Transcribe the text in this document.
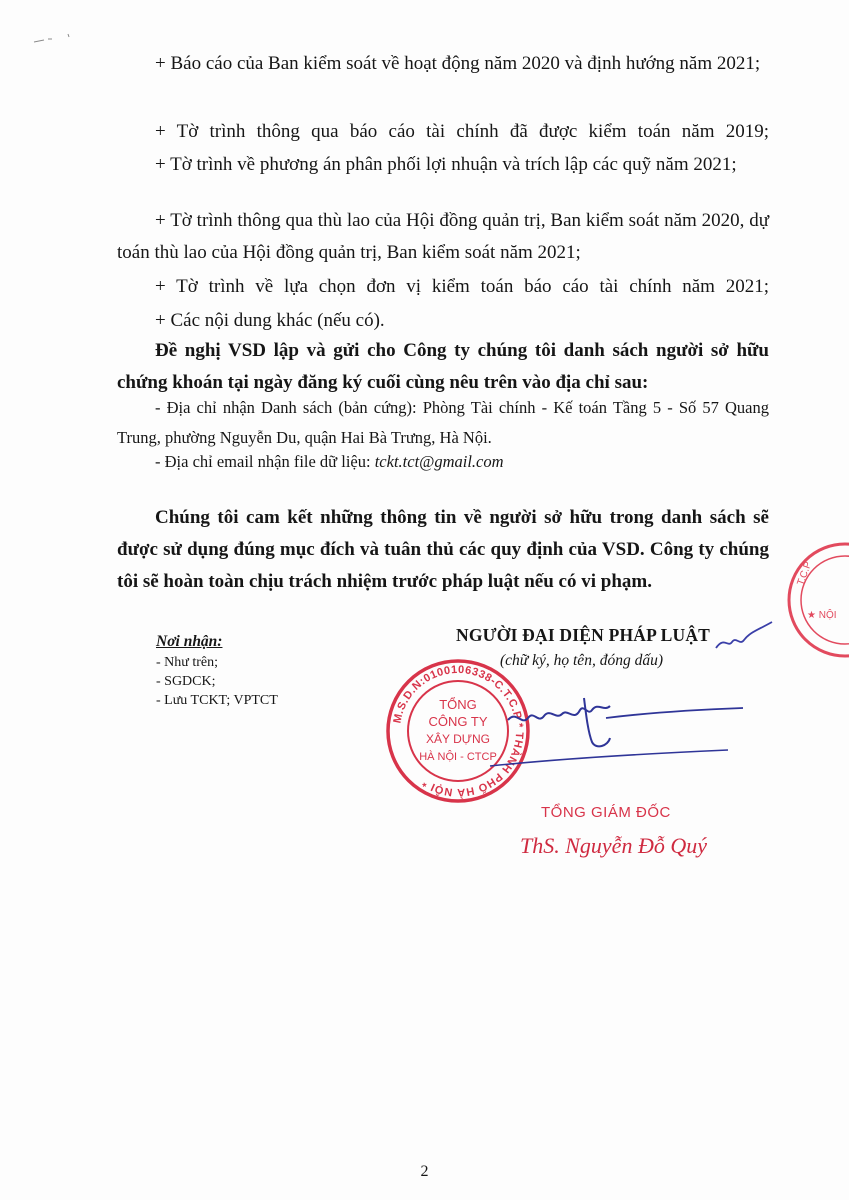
+ Báo cáo của Ban kiểm soát về hoạt động năm 2020 và định hướng năm 2021;
+ Tờ trình thông qua báo cáo tài chính đã được kiểm toán năm 2019;
+ Tờ trình về phương án phân phối lợi nhuận và trích lập các quỹ năm 2021;
+ Tờ trình thông qua thù lao của Hội đồng quản trị, Ban kiểm soát năm 2020, dự toán thù lao của Hội đồng quản trị, Ban kiểm soát năm 2021;
+ Tờ trình về lựa chọn đơn vị kiểm toán báo cáo tài chính năm 2021;
+ Các nội dung khác (nếu có).
Đề nghị VSD lập và gửi cho Công ty chúng tôi danh sách người sở hữu chứng khoán tại ngày đăng ký cuối cùng nêu trên vào địa chỉ sau:
- Địa chỉ nhận Danh sách (bản cứng): Phòng Tài chính - Kế toán Tầng 5 - Số 57 Quang Trung, phường Nguyễn Du, quận Hai Bà Trưng, Hà Nội.
- Địa chỉ email nhận file dữ liệu: tckt.tct@gmail.com
Chúng tôi cam kết những thông tin về người sở hữu trong danh sách sẽ được sử dụng đúng mục đích và tuân thủ các quy định của VSD. Công ty chúng tôi sẽ hoàn toàn chịu trách nhiệm trước pháp luật nếu có vi phạm.
Nơi nhận:
- Như trên;
- SGDCK;
- Lưu TCKT; VPTCT
NGƯỜI ĐẠI DIỆN PHÁP LUẬT
(chữ ký, họ tên, đóng dấu)
T.C.P
★ NỘI
M.S.D.N:0100106338-C.T.C.P * THÀNH PHỐ HÀ NỘI *
TỔNG
CÔNG TY
XÂY DỰNG
HÀ NỘI - CTCP
TỔNG GIÁM ĐỐC
ThS. Nguyễn Đỗ Quý
2
